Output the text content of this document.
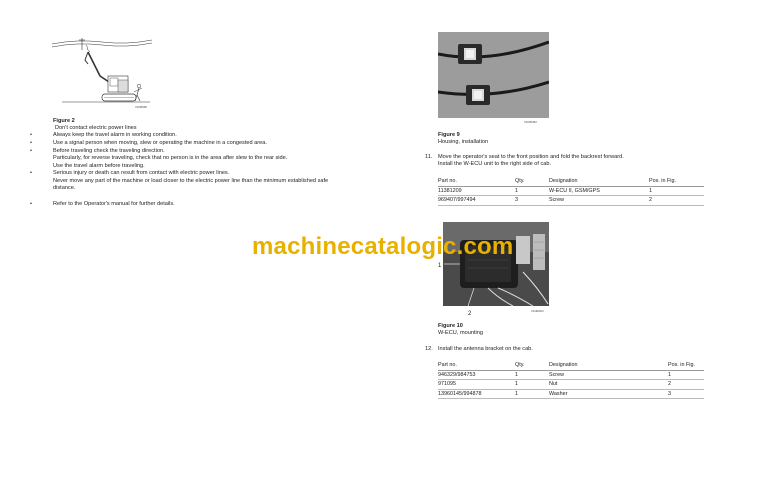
V1035080
Figure 2
Don't contact electric power lines
•	Always keep the travel alarm in working condition.
•	Use a signal person when moving, slew or operating the machine in a congested area.
•	Before traveling check the traveling direction.
Particularly, for reverse traveling, check that no person is in the area after slew to the rear side.
Use the travel alarm before traveling.
•	Serious injury or death can result from contact with electric power lines.
Never move any part of the machine or load closer to the electric power line than the minimum established safe
distance.
•	Refer to the Operator's manual for further details.
V1035452
Figure 9
Housing, installation
11. Move the operator's seat to the front position and fold the backrest forward.
Install the W-ECU unit to the right side of cab.
Part no.	Qty.	Designation	Pos. in Fig.
11381209	1	W-ECU II, GSM/GPS	1
969407/997494	3	Screw	2
1
2	V1190323
Figure 10
W-ECU, mounting
12. Install the antenna bracket on the cab.
Part no.	Qty.	Designation	Pos. in Fig.
946329/984753	1	Screw	1
971095	1	Nut	2
13960145/994878	1	Washer	3
machinecatalogic.com
